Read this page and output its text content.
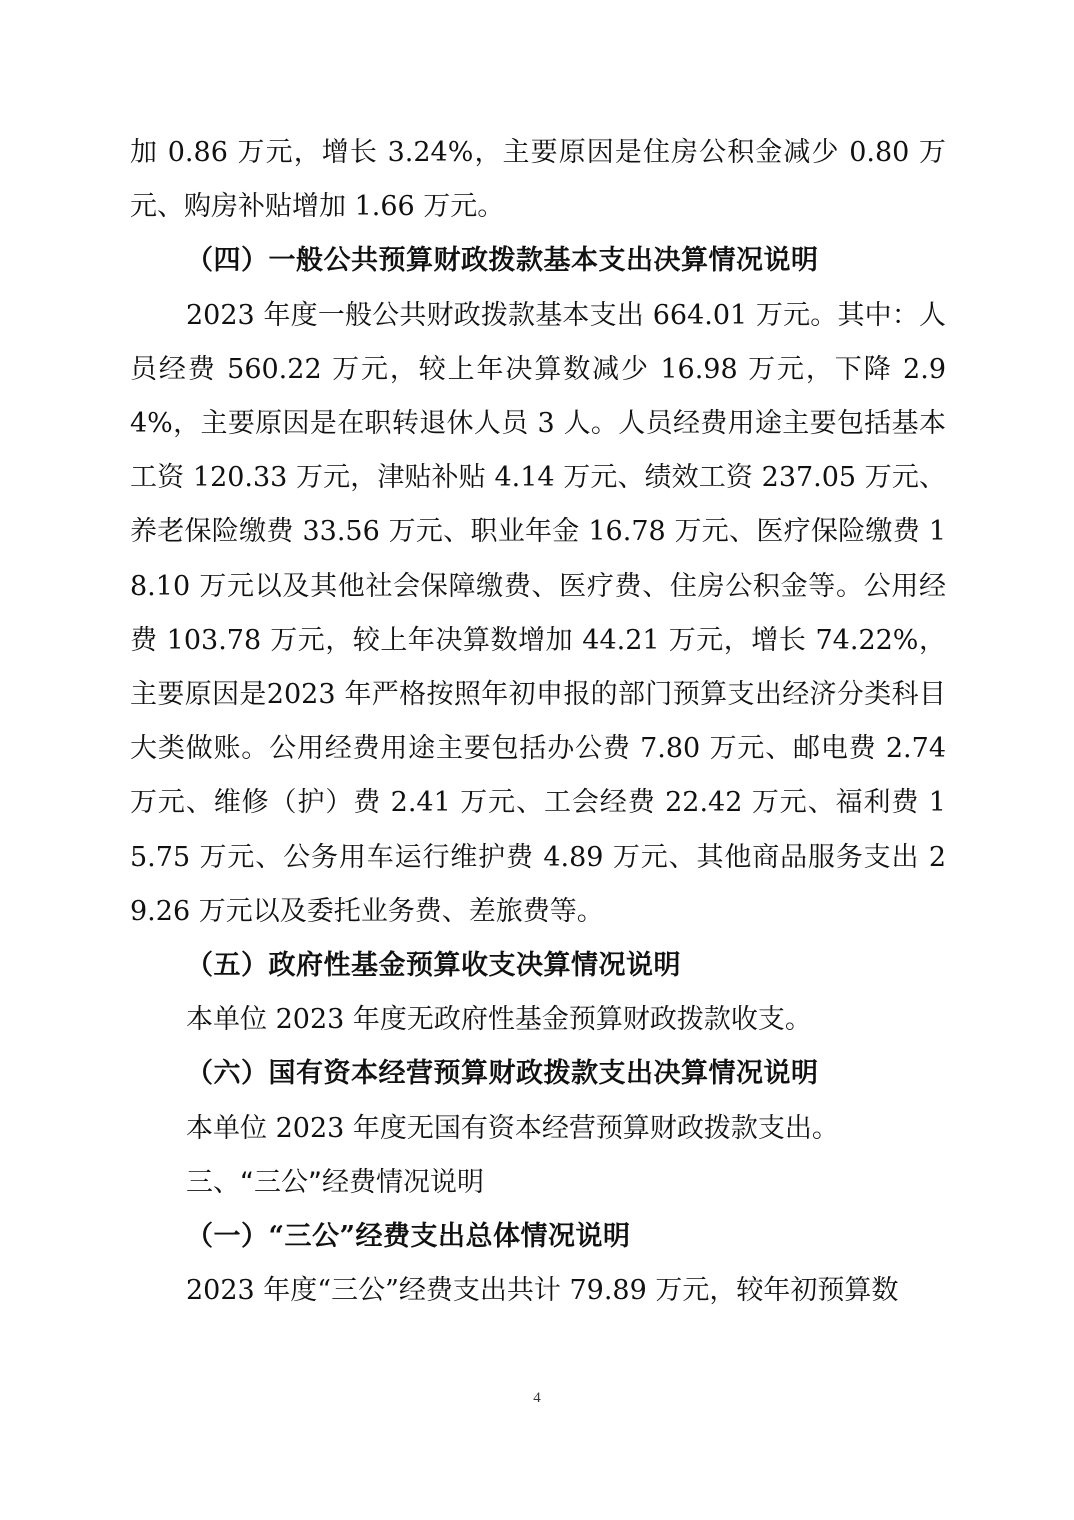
加 0.86 万元，增长 3.24%，主要原因是住房公积金减少 0.80 万元、购房补贴增加 1.66 万元。

（四）一般公共预算财政拨款基本支出决算情况说明

2023 年度一般公共财政拨款基本支出 664.01 万元。其中：人员经费 560.22 万元，较上年决算数减少 16.98 万元，下降 2.94%，主要原因是在职转退休人员 3 人。人员经费用途主要包括基本工资 120.33 万元，津贴补贴 4.14 万元、绩效工资 237.05 万元、养老保险缴费 33.56 万元、职业年金 16.78 万元、医疗保险缴费 18.10 万元以及其他社会保障缴费、医疗费、住房公积金等。公用经费 103.78 万元，较上年决算数增加 44.21 万元，增长 74.22%，主要原因是2023 年严格按照年初申报的部门预算支出经济分类科目大类做账。公用经费用途主要包括办公费 7.80 万元、邮电费 2.74 万元、维修（护）费 2.41 万元、工会经费 22.42 万元、福利费 15.75 万元、公务用车运行维护费 4.89 万元、其他商品服务支出 29.26 万元以及委托业务费、差旅费等。

（五）政府性基金预算收支决算情况说明

本单位 2023 年度无政府性基金预算财政拨款收支。

（六）国有资本经营预算财政拨款支出决算情况说明

本单位 2023 年度无国有资本经营预算财政拨款支出。

三、“三公”经费情况说明

（一）“三公”经费支出总体情况说明

2023 年度“三公”经费支出共计 79.89 万元，较年初预算数

4
